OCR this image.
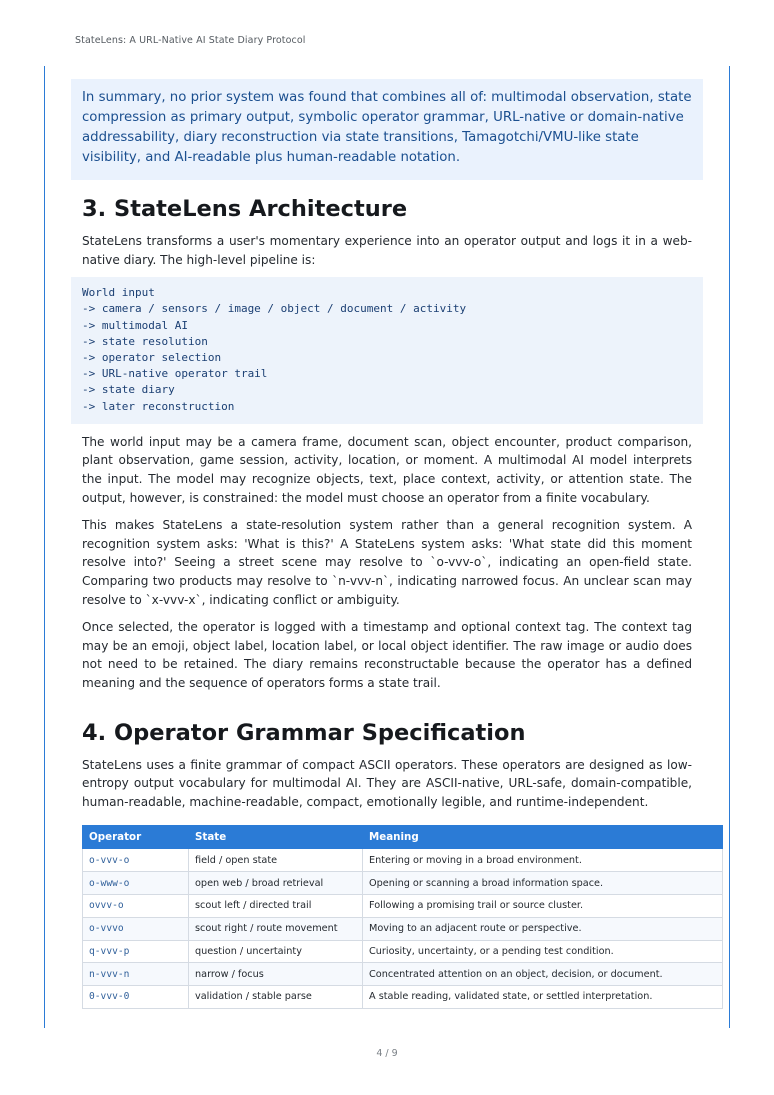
StateLens: A URL-Native AI State Diary Protocol
In summary, no prior system was found that combines all of: multimodal observation, state compression as primary output, symbolic operator grammar, URL-native or domain-native addressability, diary reconstruction via state transitions, Tamagotchi/VMU-like state visibility, and AI-readable plus human-readable notation.
3. StateLens Architecture

StateLens transforms a user's momentary experience into an operator output and logs it in a web-native diary. The high-level pipeline is:

World input
-> camera / sensors / image / object / document / activity
-> multimodal AI
-> state resolution
-> operator selection
-> URL-native operator trail
-> state diary
-> later reconstruction

The world input may be a camera frame, document scan, object encounter, product comparison, plant observation, game session, activity, location, or moment. A multimodal AI model interprets the input. The model may recognize objects, text, place context, activity, or attention state. The output, however, is constrained: the model must choose an operator from a finite vocabulary.

This makes StateLens a state-resolution system rather than a general recognition system. A recognition system asks: 'What is this?' A StateLens system asks: 'What state did this moment resolve into?' Seeing a street scene may resolve to `o-vvv-o`, indicating an open-field state. Comparing two products may resolve to `n-vvv-n`, indicating narrowed focus. An unclear scan may resolve to `x-vvv-x`, indicating conflict or ambiguity.

Once selected, the operator is logged with a timestamp and optional context tag. The context tag may be an emoji, object label, location label, or local object identifier. The raw image or audio does not need to be retained. The diary remains reconstructable because the operator has a defined meaning and the sequence of operators forms a state trail.

4. Operator Grammar Specification

StateLens uses a finite grammar of compact ASCII operators. These operators are designed as low-entropy output vocabulary for multimodal AI. They are ASCII-native, URL-safe, domain-compatible, human-readable, machine-readable, compact, emotionally legible, and runtime-independent.

Operator	State	Meaning
o-vvv-o	field / open state	Entering or moving in a broad environment.
o-www-o	open web / broad retrieval	Opening or scanning a broad information space.
ovvv-o	scout left / directed trail	Following a promising trail or source cluster.
o-vvvo	scout right / route movement	Moving to an adjacent route or perspective.
q-vvv-p	question / uncertainty	Curiosity, uncertainty, or a pending test condition.
n-vvv-n	narrow / focus	Concentrated attention on an object, decision, or document.
0-vvv-0	validation / stable parse	A stable reading, validated state, or settled interpretation.
4 / 9
